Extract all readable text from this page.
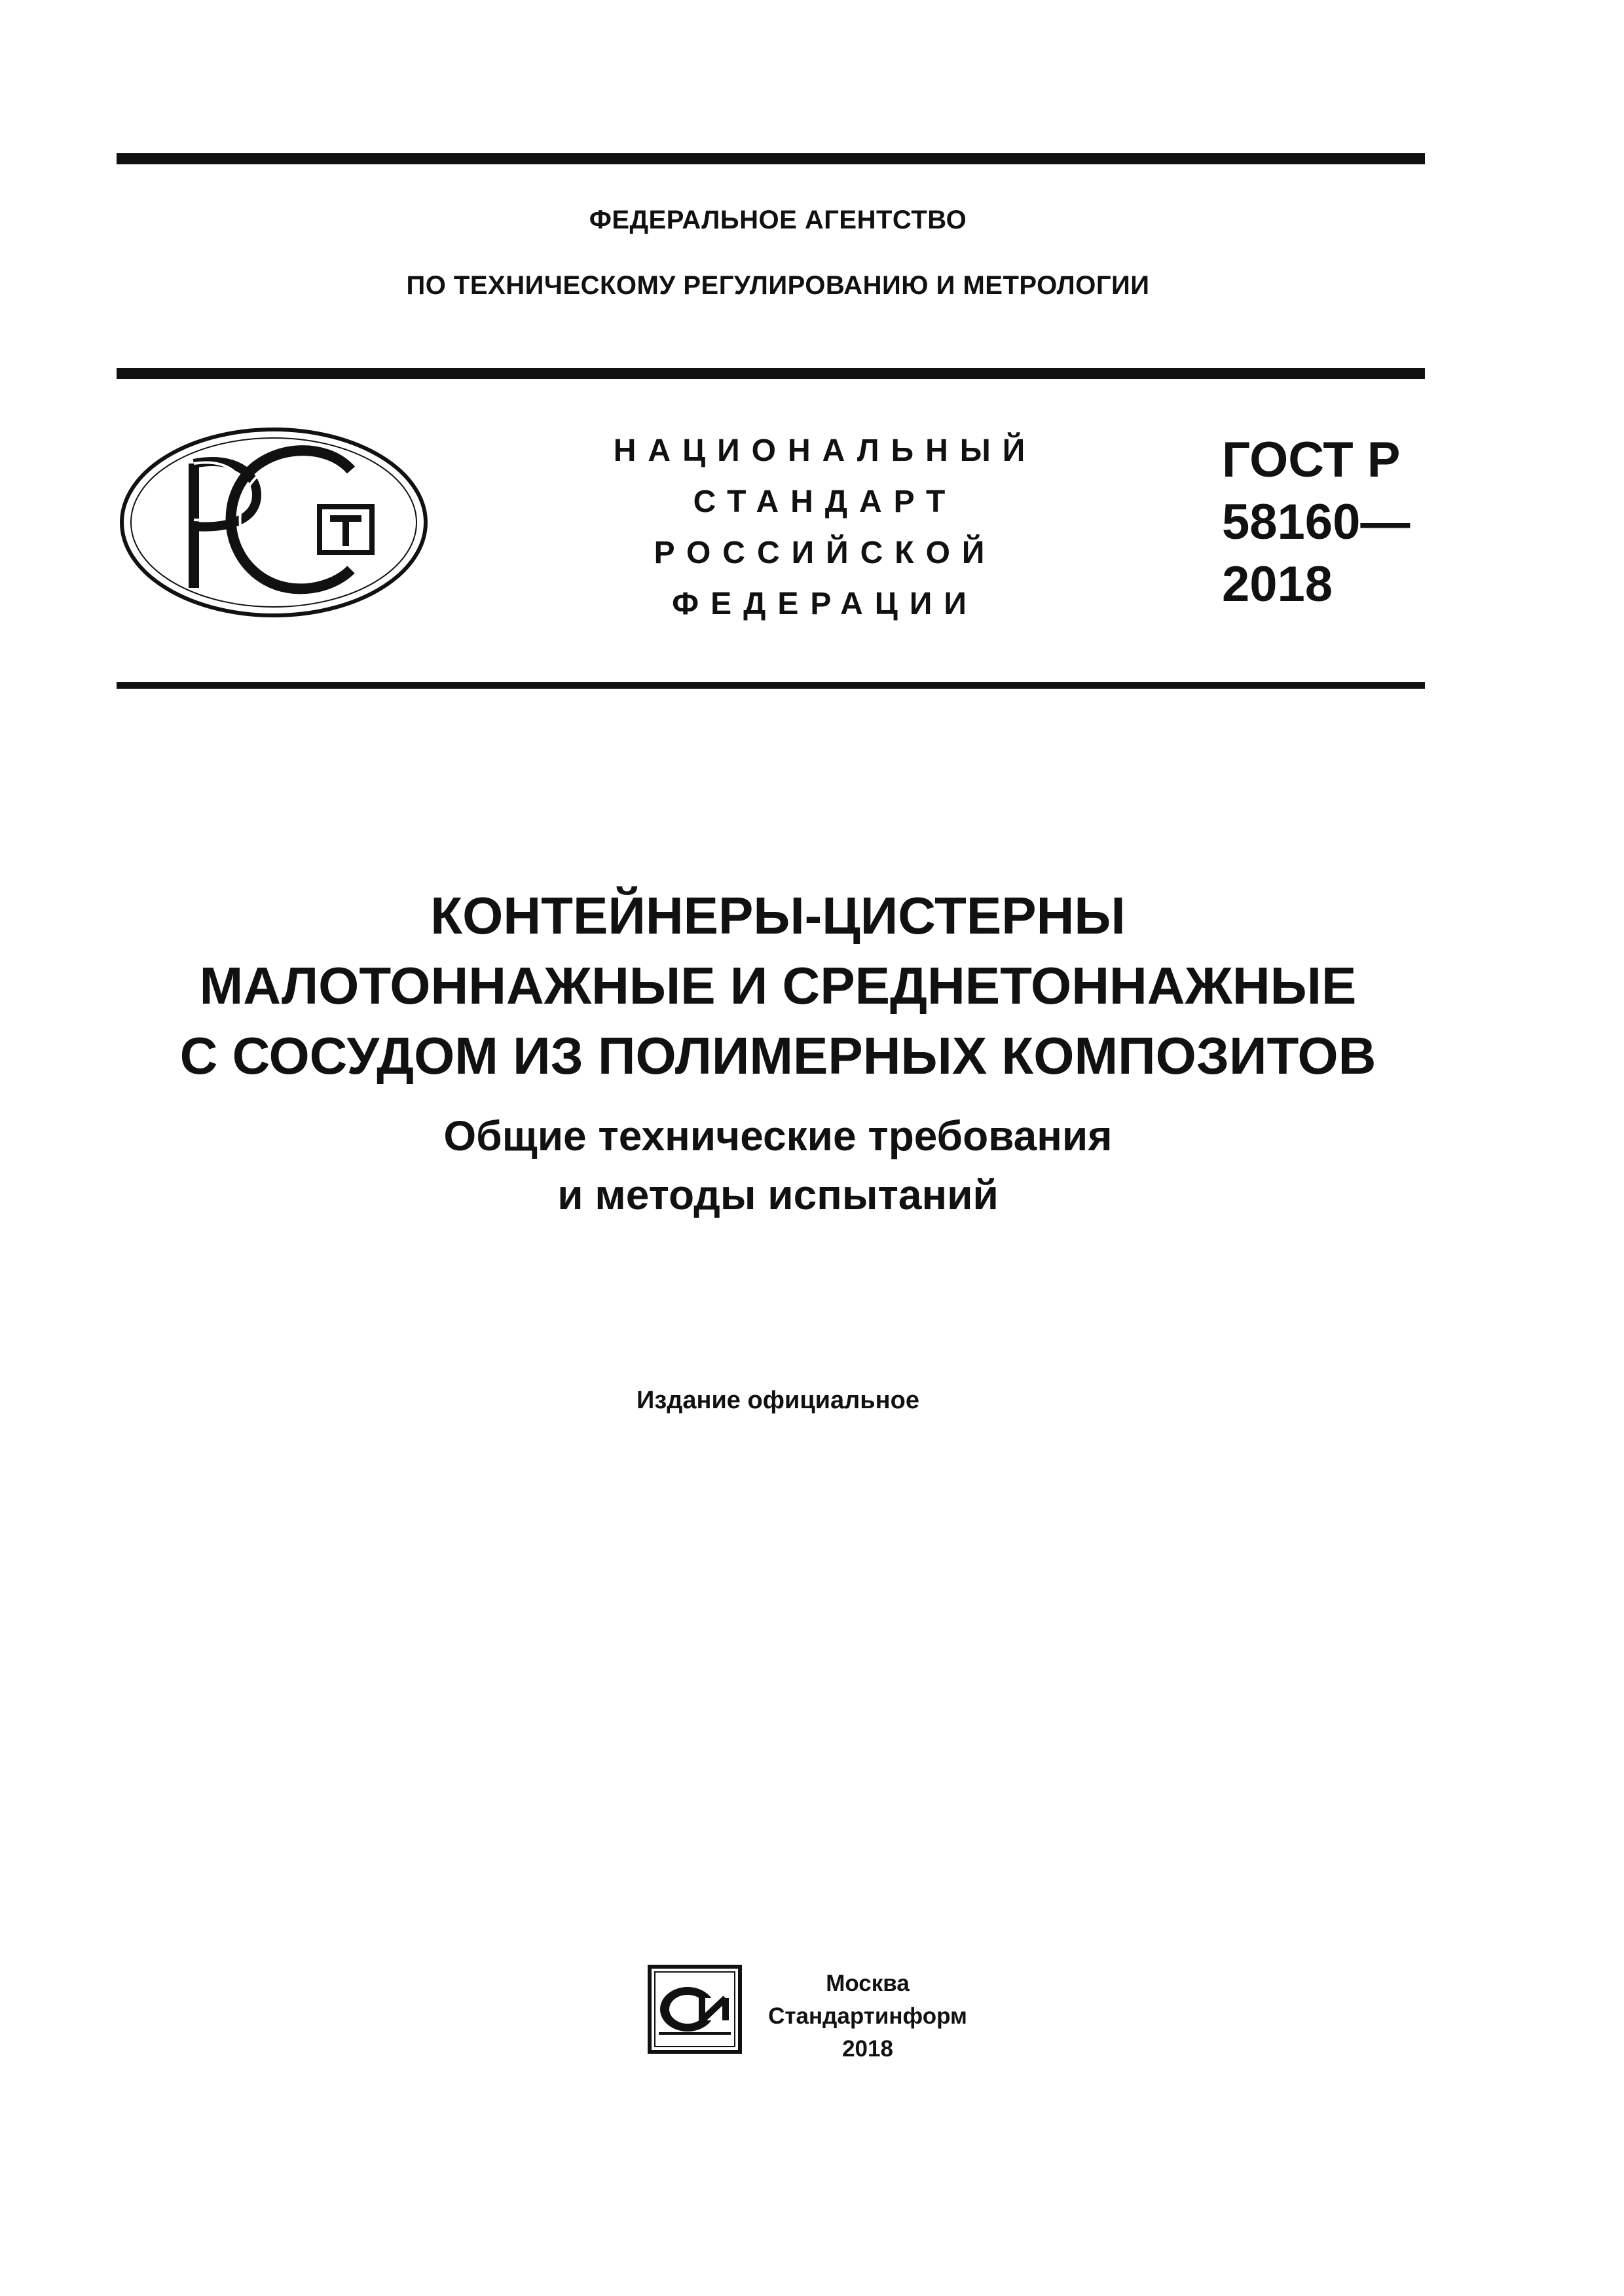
ФЕДЕРАЛЬНОЕ АГЕНТСТВО
ПО ТЕХНИЧЕСКОМУ РЕГУЛИРОВАНИЮ И МЕТРОЛОГИИ
НАЦИОНАЛЬНЫЙ
СТАНДАРТ
РОССИЙСКОЙ
ФЕДЕРАЦИИ
ГОСТ Р
58160—
2018
КОНТЕЙНЕРЫ-ЦИСТЕРНЫ
МАЛОТОННАЖНЫЕ И СРЕДНЕТОННАЖНЫЕ
С СОСУДОМ ИЗ ПОЛИМЕРНЫХ КОМПОЗИТОВ
Общие технические требования
и методы испытаний
Издание официальное
Москва
Стандартинформ
2018
